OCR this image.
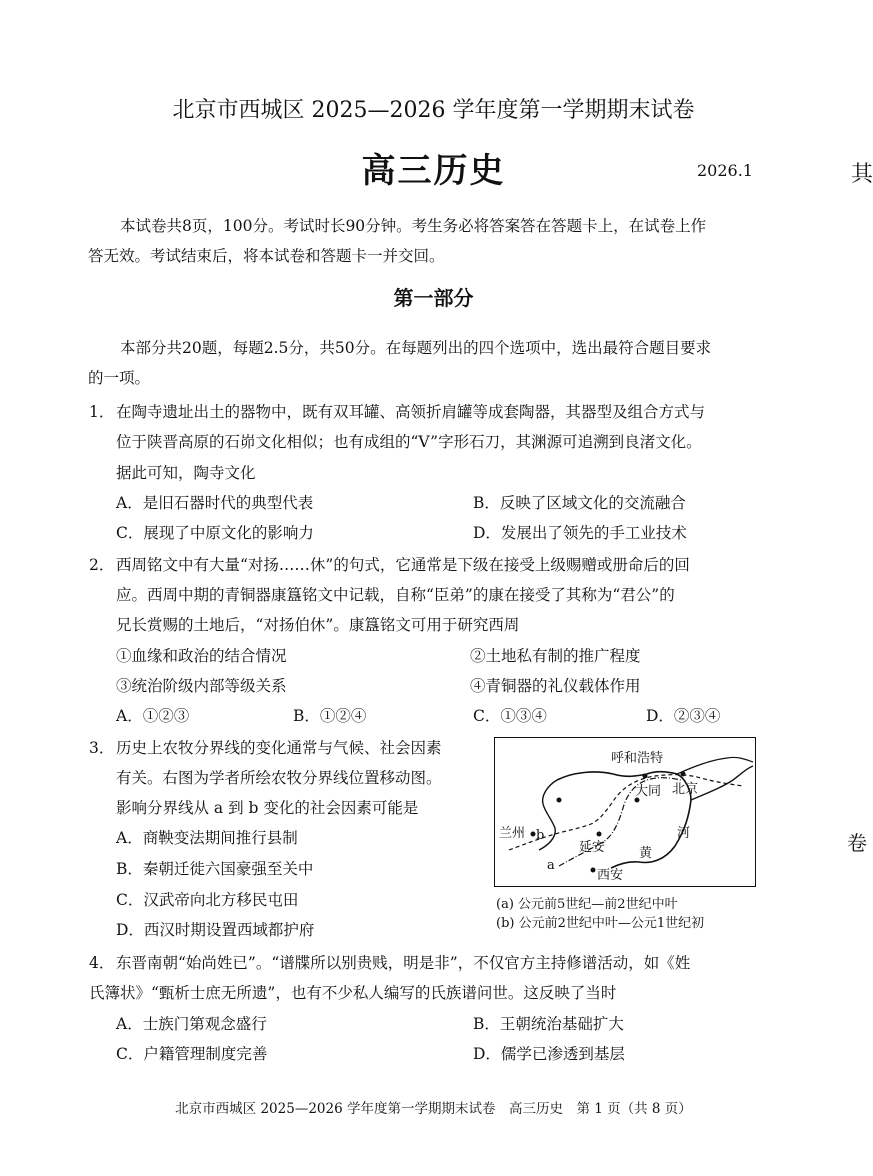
北京市西城区 2025—2026 学年度第一学期期末试卷
高三历史	2026.1	其
卷
本试卷共8页，100分。考试时长90分钟。考生务必将答案答在答题卡上，在试卷上作
答无效。考试结束后，将本试卷和答题卡一并交回。
第一部分
本部分共20题，每题2.5分，共50分。在每题列出的四个选项中，选出最符合题目要求
的一项。
1． 在陶寺遗址出土的器物中，既有双耳罐、高领折肩罐等成套陶器，其器型及组合方式与
位于陕晋高原的石峁文化相似；也有成组的“V”字形石刀，其渊源可追溯到良渚文化。
据此可知，陶寺文化
A．是旧石器时代的典型代表	B．反映了区域文化的交流融合
C．展现了中原文化的影响力	D．发展出了领先的手工业技术
2． 西周铭文中有大量“对扬……休”的句式，它通常是下级在接受上级赐赠或册命后的回
应。西周中期的青铜器康簋铭文中记载，自称“臣弟”的康在接受了其称为“君公”的
兄长赏赐的土地后，“对扬伯休”。康簋铭文可用于研究西周
①血缘和政治的结合情况	②土地私有制的推广程度
③统治阶级内部等级关系	④青铜器的礼仪载体作用
A．①②③	B．①②④	C．①③④	D．②③④
3． 历史上农牧分界线的变化通常与气候、社会因素
有关。右图为学者所绘农牧分界线位置移动图。
影响分界线从 a 到 b 变化的社会因素可能是
A．商鞅变法期间推行县制
B．秦朝迁徙六国豪强至关中
C．汉武帝向北方移民屯田
D．西汉时期设置西域都护府
呼和浩特
大同 北京
兰州 b
延安
河
黄
a
西安
(a) 公元前5世纪—前2世纪中叶
(b) 公元前2世纪中叶—公元1世纪初
4． 东晋南朝“始尚姓已”。“谱牒所以别贵贱，明是非”，不仅官方主持修谱活动，如《姓
氏簿状》“甄析士庶无所遗”，也有不少私人编写的氏族谱问世。这反映了当时
A．士族门第观念盛行	B．王朝统治基础扩大
C．户籍管理制度完善	D．儒学已渗透到基层
北京市西城区 2025—2026 学年度第一学期期末试卷　高三历史　第 1 页（共 8 页）
